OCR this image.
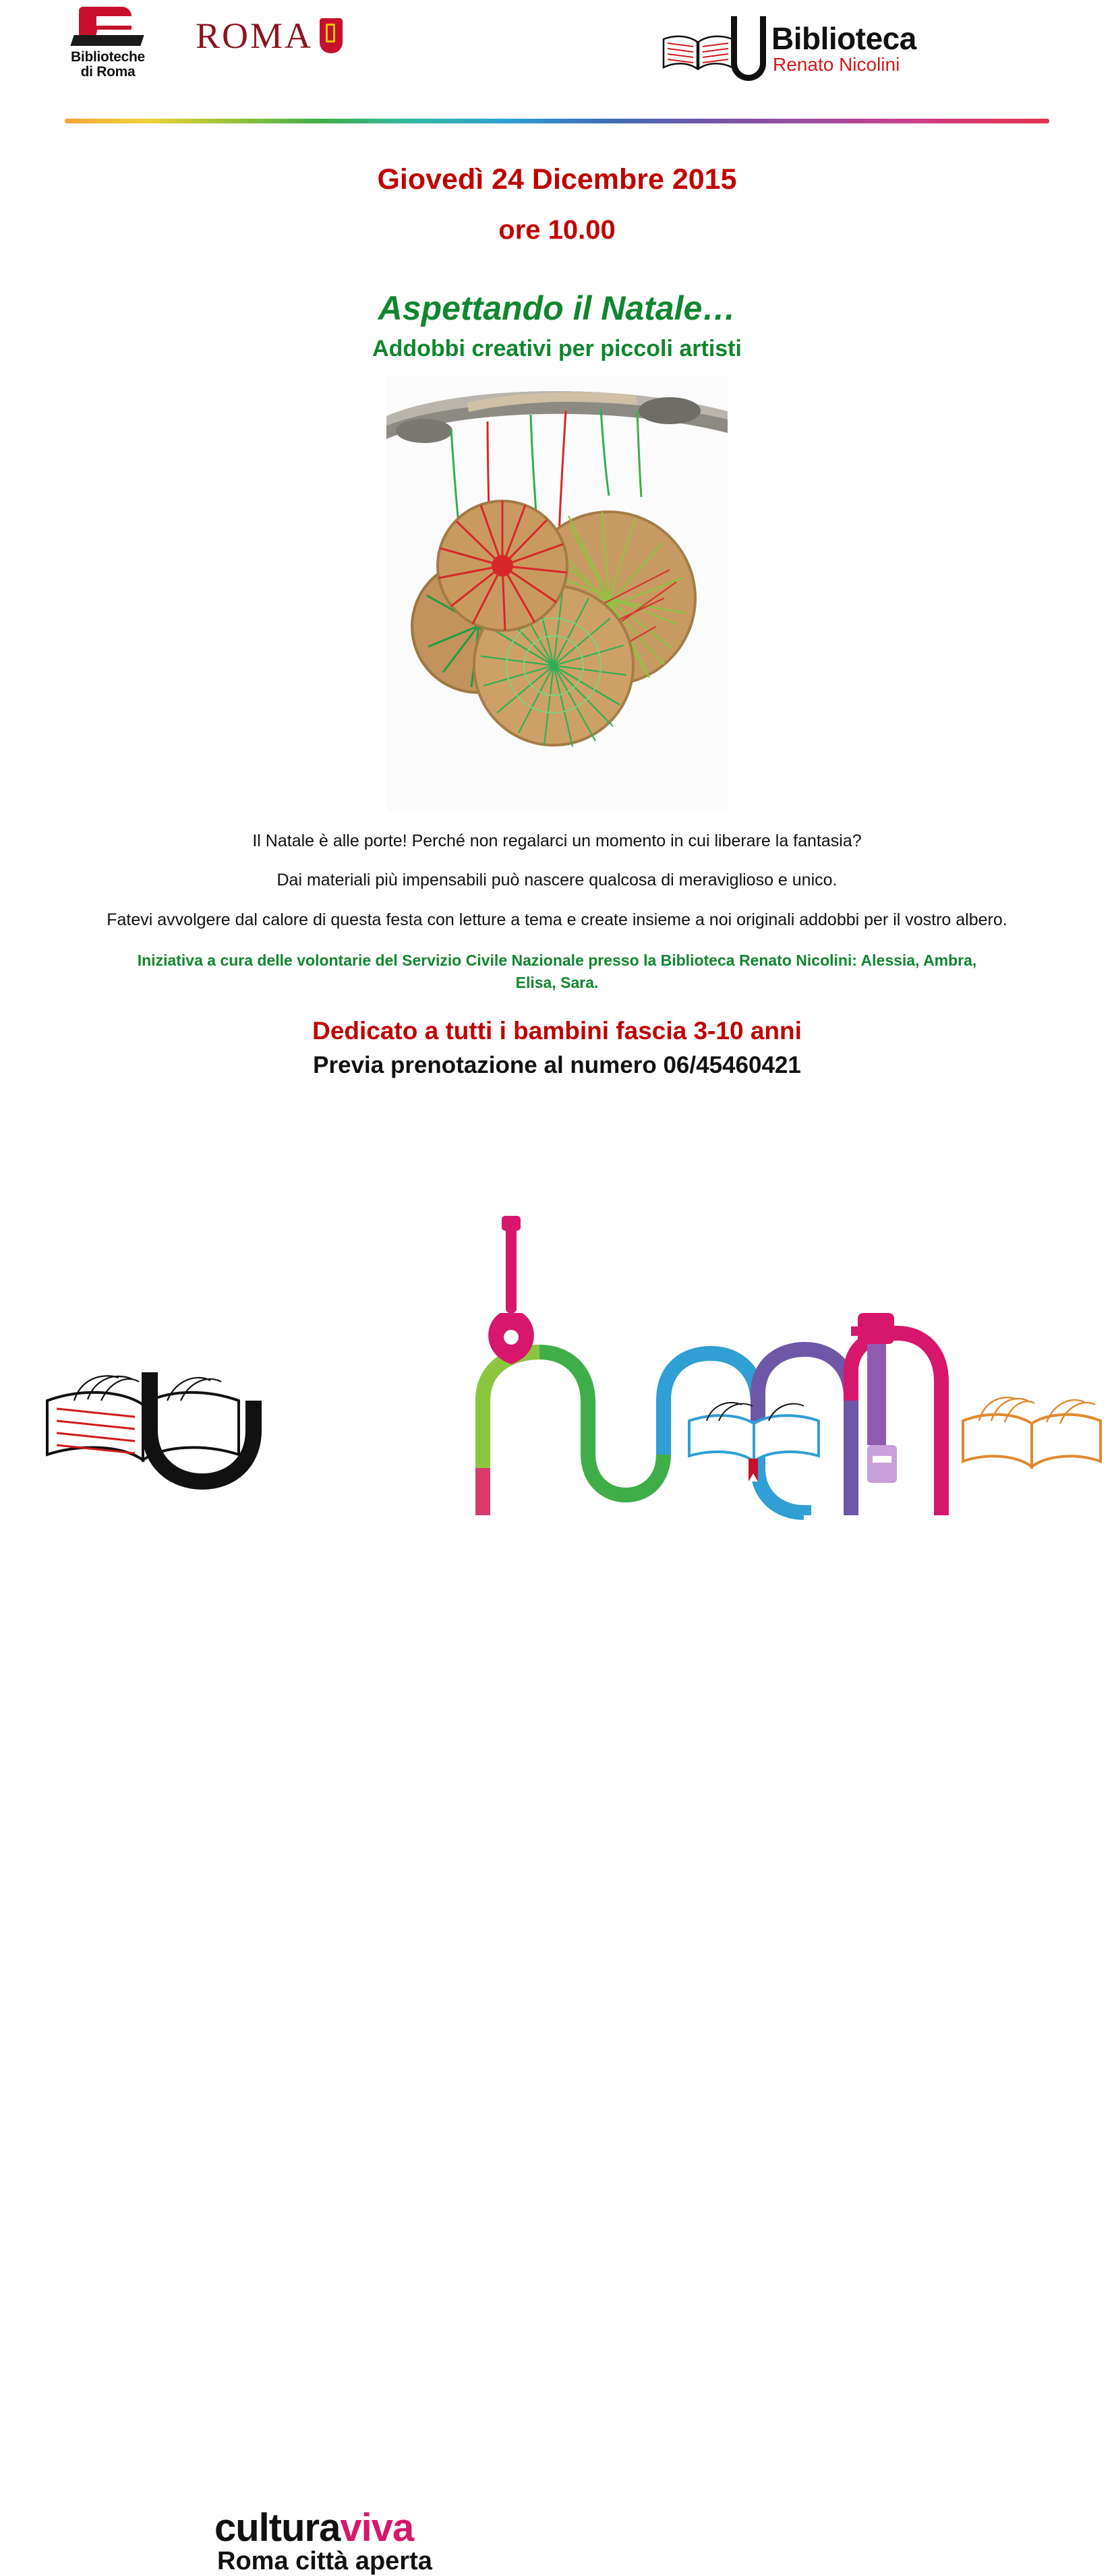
Biblioteche
di Roma
ROMA	Biblioteca
Renato Nicolini
Giovedì 24 Dicembre 2015
ore 10.00
Aspettando il Natale…
Addobbi creativi per piccoli artisti
Il Natale è alle porte! Perché non regalarci un momento in cui liberare la fantasia?
Dai materiali più impensabili può nascere qualcosa di meraviglioso e unico.
Fatevi avvolgere dal calore di questa festa con letture a tema e create insieme a noi originali addobbi per il vostro albero.
Iniziativa a cura delle volontarie del Servizio Civile Nazionale presso la Biblioteca Renato Nicolini: Alessia, Ambra, Elisa, Sara.
Dedicato a tutti i bambini fascia 3-10 anni
Previa prenotazione al numero 06/45460421
culturaviva
Roma città aperta
